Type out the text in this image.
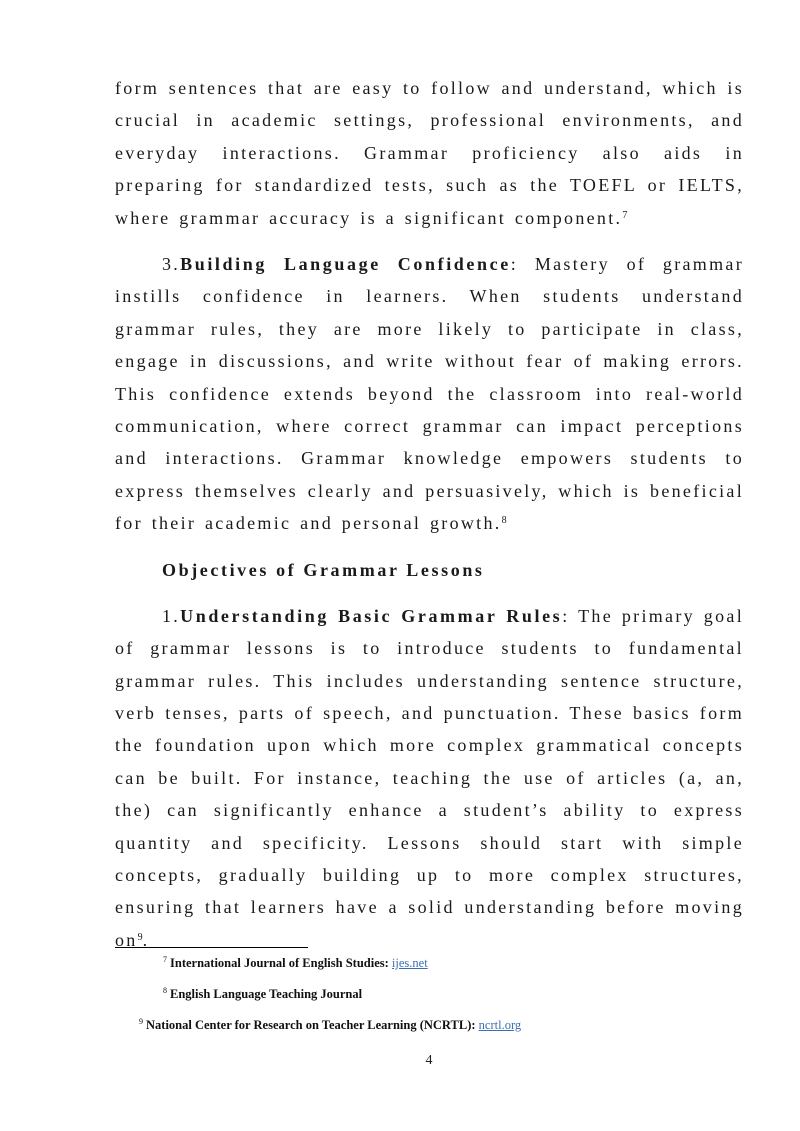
form sentences that are easy to follow and understand, which is crucial in academic settings, professional environments, and everyday interactions. Grammar proficiency also aids in preparing for standardized tests, such as the TOEFL or IELTS, where grammar accuracy is a significant component.$^7$

3.Building Language Confidence: Mastery of grammar instills confidence in learners. When students understand grammar rules, they are more likely to participate in class, engage in discussions, and write without fear of making errors. This confidence extends beyond the classroom into real-world communication, where correct grammar can impact perceptions and interactions. Grammar knowledge empowers students to express themselves clearly and persuasively, which is beneficial for their academic and personal growth.$^8$

Objectives of Grammar Lessons

1.Understanding Basic Grammar Rules: The primary goal of grammar lessons is to introduce students to fundamental grammar rules. This includes understanding sentence structure, verb tenses, parts of speech, and punctuation. These basics form the foundation upon which more complex grammatical concepts can be built. For instance, teaching the use of articles (a, an, the) can significantly enhance a student’s ability to express quantity and specificity. Lessons should start with simple concepts, gradually building up to more complex structures, ensuring that learners have a solid understanding before moving $on^9$.

$^7$ International Journal of English Studies: ijes.net
$^8$ English Language Teaching Journal
$^9$ National Center for Research on Teacher Learning (NCRTL): ncrtl.org
4
